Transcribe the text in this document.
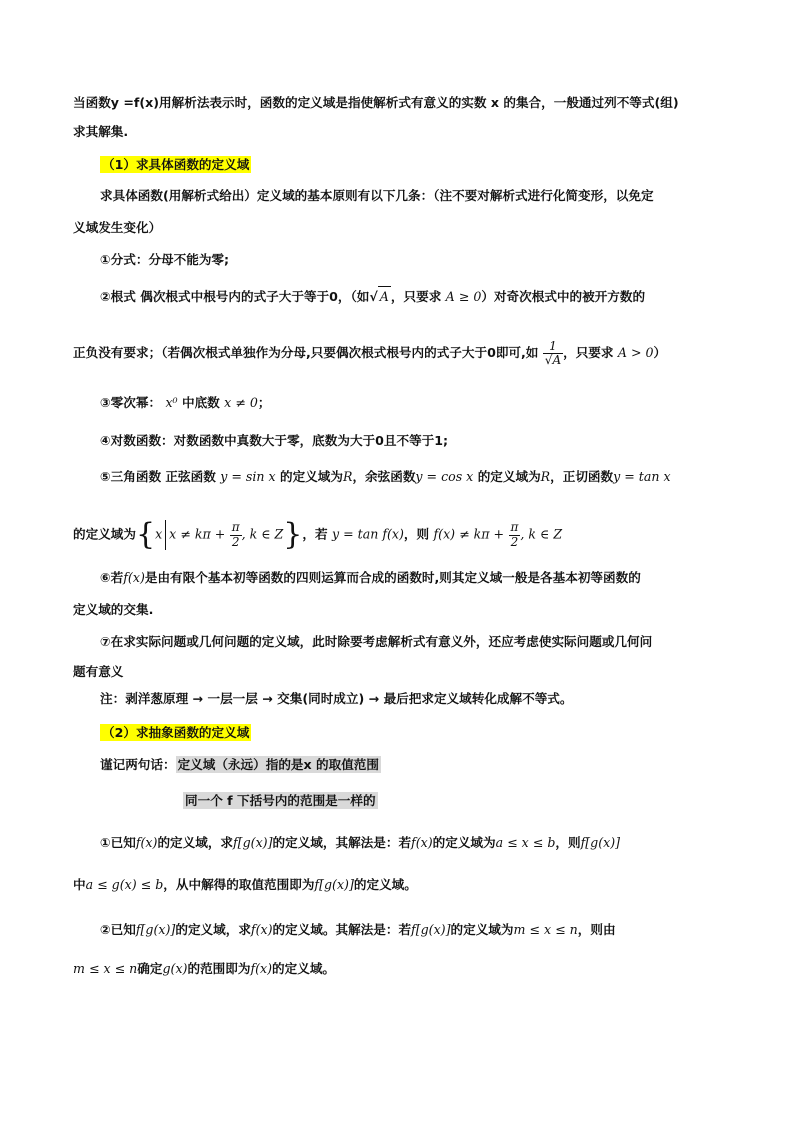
当函数y =f(x)用解析法表示时，函数的定义域是指使解析式有意义的实数 x 的集合，一般通过列不等式(组)
求其解集.
（1）求具体函数的定义域
求具体函数(用解析式给出）定义域的基本原则有以下几条：（注不要对解析式进行化简变形，以免定
义域发生变化）
①分式：分母不能为零;
②根式 偶次根式中根号内的式子大于等于0，（如√ A ，只要求 A ≥ 0）对奇次根式中的被开方数的
正负没有要求；（若偶次根式单独作为分母,只要偶次根式根号内的式子大于0即可,如 $\frac{1}{√A}$ ，只要求 A > 0）
③零次幂： x⁰ 中底数 x ≠ 0；
④对数函数：对数函数中真数大于零，底数为大于0且不等于1;
⑤三角函数 正弦函数 y = sin x 的定义域为R，余弦函数y = cos x 的定义域为R，正切函数y = tan x
的定义域为{x $x \ne k\pi + \frac{\pi}{2}$ , k ∈ Z}，若 y = tan f(x)，则 $f(x) \ne k\pi + \frac{\pi}{2}$ , k ∈ Z
⑥若f(x)是由有限个基本初等函数的四则运算而合成的函数时,则其定义域一般是各基本初等函数的
定义域的交集.
⑦在求实际问题或几何问题的定义域，此时除要考虑解析式有意义外，还应考虑使实际问题或几何问
题有意义
注：剥洋葱原理 → 一层一层 → 交集(同时成立) → 最后把求定义域转化成解不等式。
（2）求抽象函数的定义域
谨记两句话： 定义域（永远）指的是x 的取值范围
同一个 f 下括号内的范围是一样的
①已知f(x)的定义域，求f[g(x)]的定义域，其解法是：若f(x)的定义域为a ≤ x ≤ b，则f[g(x)]
中a ≤ g(x) ≤ b，从中解得的取值范围即为f[g(x)]的定义域。
②已知f[g(x)]的定义域，求f(x)的定义域。其解法是：若f[g(x)]的定义域为m ≤ x ≤ n，则由
m ≤ x ≤ n确定g(x)的范围即为f(x)的定义域。
